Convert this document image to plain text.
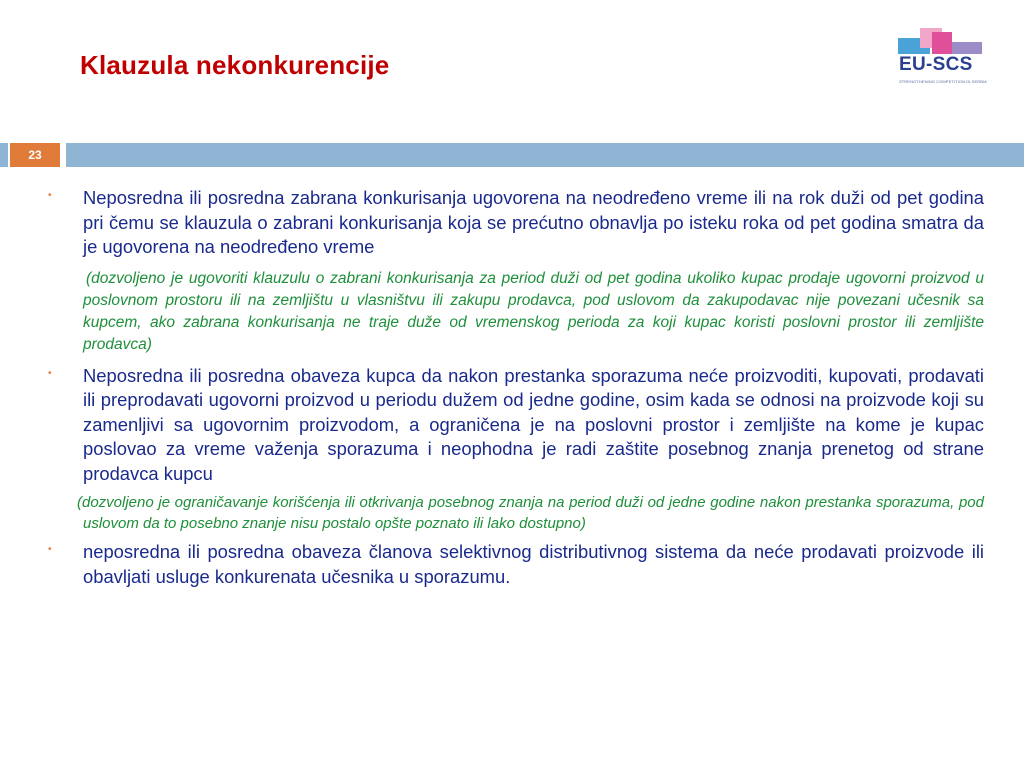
Klauzula nekonkurencije	EU-SCS
STRENGTHENING COMPETITION IN SERBIA
23
• Neposredna ili posredna zabrana konkurisanja ugovorena na neodređeno vreme ili na rok duži od pet godina pri čemu se klauzula o zabrani konkurisanja koja se prećutno obnavlja po isteku roka od pet godina smatra da je ugovorena na neodređeno vreme

(dozvoljeno je ugovoriti klauzulu o zabrani konkurisanja za period duži od pet godina ukoliko kupac prodaje ugovorni proizvod u poslovnom prostoru ili na zemljištu u vlasništvu ili zakupu prodavca, pod uslovom da zakupodavac nije povezani učesnik sa kupcem, ako zabrana konkurisanja ne traje duže od vremenskog perioda za koji kupac koristi poslovni prostor ili zemljište prodavca)

• Neposredna ili posredna obaveza kupca da nakon prestanka sporazuma neće proizvoditi, kupovati, prodavati ili preprodavati ugovorni proizvod u periodu dužem od jedne godine, osim kada se odnosi na proizvode koji su zamenljivi sa ugovornim proizvodom, a ograničena je na poslovni prostor i zemljište na kome je kupac poslovao za vreme važenja sporazuma i neophodna je radi zaštite posebnog znanja prenetog od strane prodavca kupcu

(dozvoljeno je ograničavanje korišćenja ili otkrivanja posebnog znanja na period duži od jedne godine nakon prestanka sporazuma, pod uslovom da to posebno znanje nisu postalo opšte poznato ili lako dostupno)

• neposredna ili posredna obaveza članova selektivnog distributivnog sistema da neće prodavati proizvode ili obavljati usluge konkurenata učesnika u sporazumu.
